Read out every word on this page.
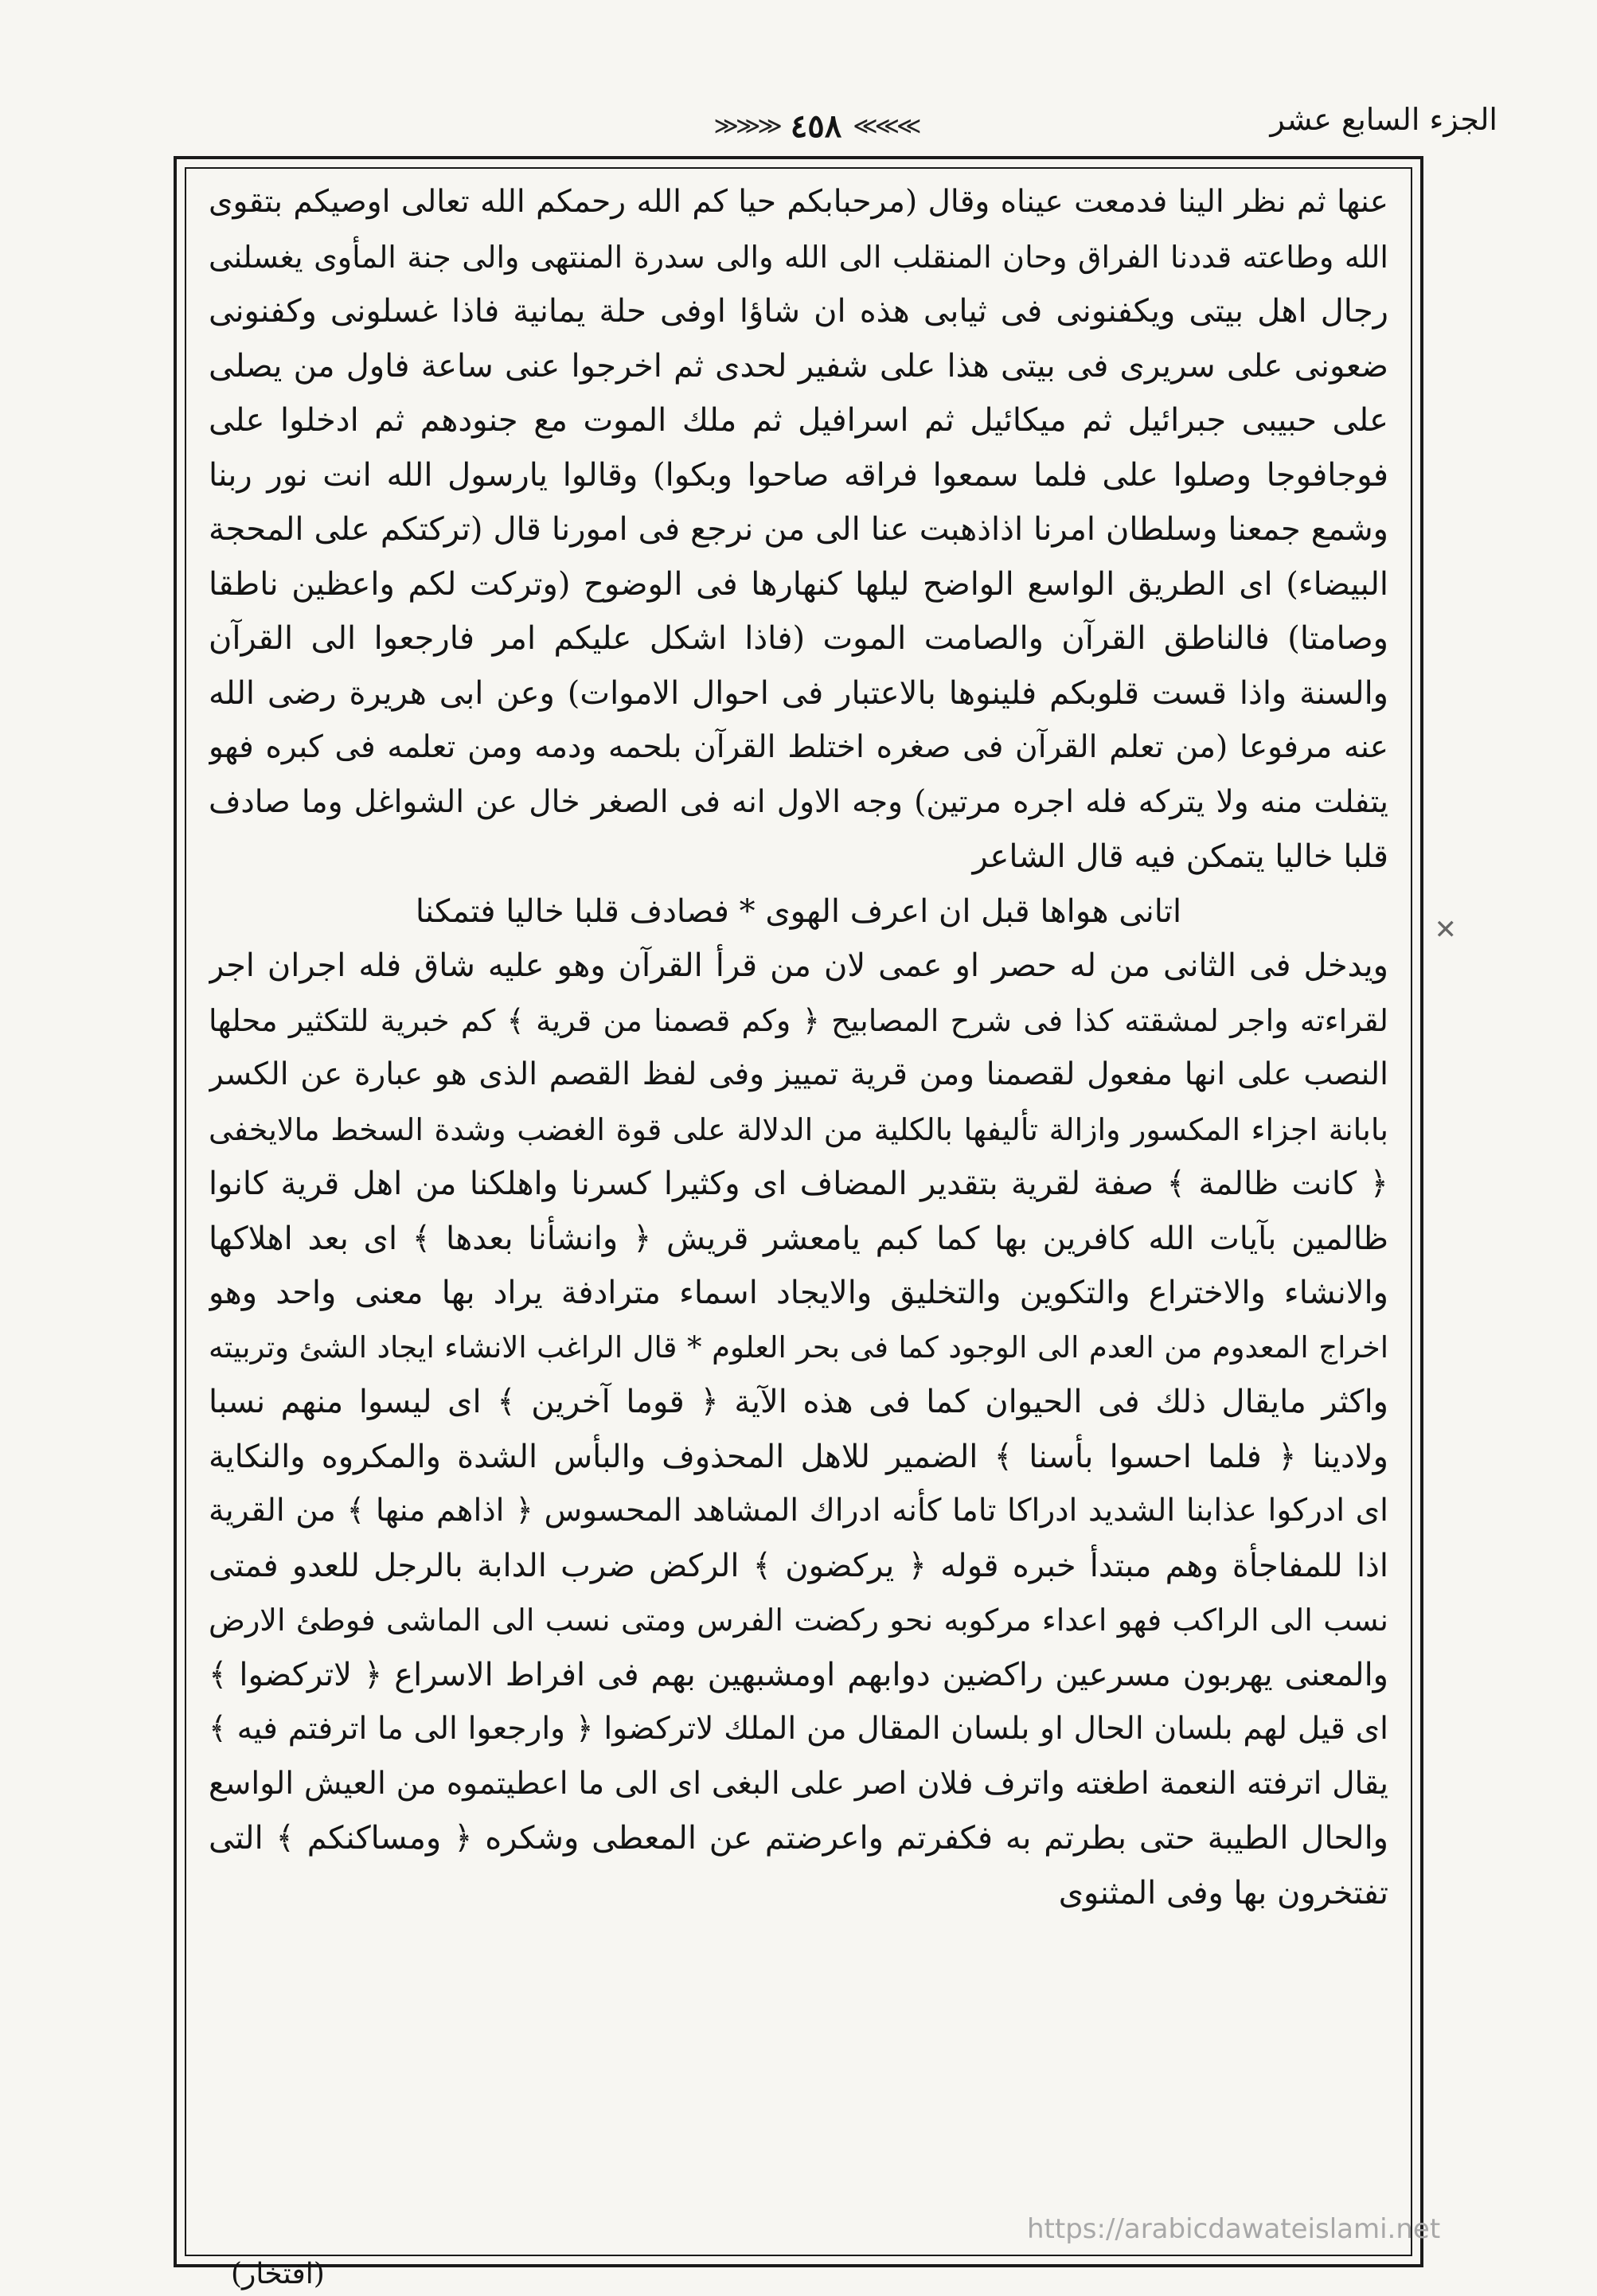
الجزء السابع عشر
≫≫≫ ٤٥٨ ≪≪≪
✕
عنها ثم نظر الينا فدمعت عيناه وقال (مرحبابكم حيا كم الله رحمكم الله تعالى اوصيكم بتقوى
الله وطاعته قددنا الفراق وحان المنقلب الى الله والى سدرة المنتهى والى جنة المأوى يغسلنى
رجال اهل بيتى ويكفنونى فى ثيابى هذه ان شاؤا اوفى حلة يمانية فاذا غسلونى وكفنونى
ضعونى على سريرى فى بيتى هذا على شفير لحدى ثم اخرجوا عنى ساعة فاول من يصلى
على حبيبى جبرائيل ثم ميكائيل ثم اسرافيل ثم ملك الموت مع جنودهم ثم ادخلوا على
فوجافوجا وصلوا على فلما سمعوا فراقه صاحوا وبكوا) وقالوا يارسول الله انت نور ربنا
وشمع جمعنا وسلطان امرنا اذاذهبت عنا الى من نرجع فى امورنا قال (تركتكم على المحجة
البيضاء) اى الطريق الواسع الواضح ليلها كنهارها فى الوضوح (وتركت لكم واعظين ناطقا
وصامتا) فالناطق القرآن والصامت الموت (فاذا اشكل عليكم امر فارجعوا الى القرآن
والسنة واذا قست قلوبكم فلينوها بالاعتبار فى احوال الاموات) وعن ابى هريرة رضى الله
عنه مرفوعا (من تعلم القرآن فى صغره اختلط القرآن بلحمه ودمه ومن تعلمه فى كبره فهو
يتفلت منه ولا يتركه فله اجره مرتين) وجه الاول انه فى الصغر خال عن الشواغل وما صادف
قلبا خاليا يتمكن فيه قال الشاعر
اتانى هواها قبل ان اعرف الهوى * فصادف قلبا خاليا فتمكنا
ويدخل فى الثانى من له حصر او عمى لان من قرأ القرآن وهو عليه شاق فله اجران اجر
لقراءته واجر لمشقته كذا فى شرح المصابيح ﴿ وكم قصمنا من قرية ﴾ كم خبرية للتكثير محلها
النصب على انها مفعول لقصمنا ومن قرية تمييز وفى لفظ القصم الذى هو عبارة عن الكسر
بابانة اجزاء المكسور وازالة تأليفها بالكلية من الدلالة على قوة الغضب وشدة السخط مالايخفى
﴿ كانت ظالمة ﴾ صفة لقرية بتقدير المضاف اى وكثيرا كسرنا واهلكنا من اهل قرية كانوا
ظالمين بآيات الله كافرين بها كما كبم يامعشر قريش ﴿ وانشأنا بعدها ﴾ اى بعد اهلاكها
والانشاء والاختراع والتكوين والتخليق والايجاد اسماء مترادفة يراد بها معنى واحد وهو
اخراج المعدوم من العدم الى الوجود كما فى بحر العلوم * قال الراغب الانشاء ايجاد الشئ وتربيته
واكثر مايقال ذلك فى الحيوان كما فى هذه الآية ﴿ قوما آخرين ﴾ اى ليسوا منهم نسبا
ولادينا ﴿ فلما احسوا بأسنا ﴾ الضمير للاهل المحذوف والبأس الشدة والمكروه والنكاية
اى ادركوا عذابنا الشديد ادراكا تاما كأنه ادراك المشاهد المحسوس ﴿ اذاهم منها ﴾ من القرية
اذا للمفاجأة وهم مبتدأ خبره قوله ﴿ يركضون ﴾ الركض ضرب الدابة بالرجل للعدو فمتى
نسب الى الراكب فهو اعداء مركوبه نحو ركضت الفرس ومتى نسب الى الماشى فوطئ الارض
والمعنى يهربون مسرعين راكضين دوابهم اومشبهين بهم فى افراط الاسراع ﴿ لاتركضوا ﴾
اى قيل لهم بلسان الحال او بلسان المقال من الملك لاتركضوا ﴿ وارجعوا الى ما اترفتم فيه ﴾
يقال اترفته النعمة اطغته واترف فلان اصر على البغى اى الى ما اعطيتموه من العيش الواسع
والحال الطيبة حتى بطرتم به فكفرتم واعرضتم عن المعطى وشكره ﴿ ومساكنكم ﴾ التى
تفتخرون بها وفى المثنوى
https://arabicdawateislami.net
(افتخار)
